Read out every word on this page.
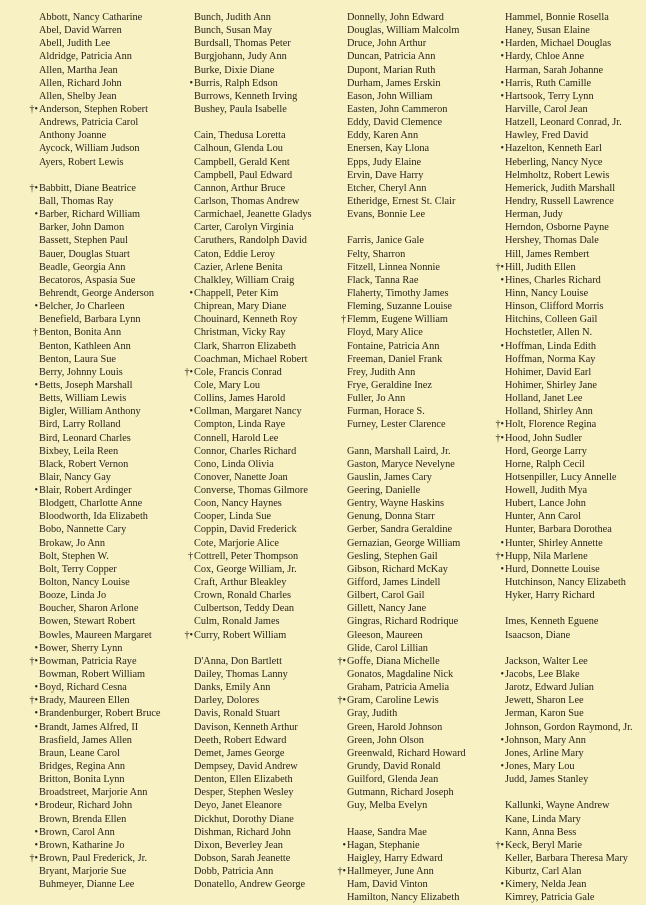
Abbott, Nancy Catharine
Abel, David Warren
Abell, Judith Lee
Aldridge, Patricia Ann
Allen, Martha Jean
Allen, Richard John
Allen, Shelby Jean
†• Anderson, Stephen Robert
Andrews, Patricia Carol
Anthony Joanne
Aycock, William Judson
Ayers, Robert Lewis
†• Babbitt, Diane Beatrice
Ball, Thomas Ray
• Barber, Richard William
Barker, John Damon
Bassett, Stephen Paul
Bauer, Douglas Stuart
Beadle, Georgia Ann
Becatoros, Aspasia Sue
Behrendt, George Anderson
• Belcher, Jo Charleen
Benefield, Barbara Lynn
† Benton, Bonita Ann
Benton, Kathleen Ann
Benton, Laura Sue
Berry, Johnny Louis
• Betts, Joseph Marshall
Betts, William Lewis
Bigler, William Anthony
Bird, Larry Rolland
Bird, Leonard Charles
Bixbey, Leila Reen
Black, Robert Vernon
Blair, Nancy Gay
• Blair, Robert Ardinger
Blodgett, Charlotte Anne
Bloodworth, Ida Elizabeth
Bobo, Nannette Cary
Brokaw, Jo Ann
Bolt, Stephen W.
Bolt, Terry Copper
Bolton, Nancy Louise
Booze, Linda Jo
Boucher, Sharon Arlone
Bowen, Stewart Robert
Bowles, Maureen Margaret
• Bower, Sherry Lynn
†• Bowman, Patricia Raye
Bowman, Robert William
• Boyd, Richard Cesna
†• Brady, Maureen Ellen
• Brandenburger, Robert Bruce
• Brandt, James Alfred, II
Brasfield, James Allen
Braun, Leane Carol
Bridges, Regina Ann
Britton, Bonita Lynn
Broadstreet, Marjorie Ann
• Brodeur, Richard John
Brown, Brenda Ellen
• Brown, Carol Ann
• Brown, Katharine Jo
†• Brown, Paul Frederick, Jr.
Bryant, Marjorie Sue
Buhmeyer, Dianne Lee
Bunch, Judith Ann
Bunch, Susan May
Burdsall, Thomas Peter
Burgjohann, Judy Ann
Burke, Dixie Diane
• Burris, Ralph Edson
Burrows, Kenneth Irving
Bushey, Paula Isabelle
Cain, Thedusa Loretta
Calhoun, Glenda Lou
Campbell, Gerald Kent
Campbell, Paul Edward
Cannon, Arthur Bruce
Carlson, Thomas Andrew
Carmichael, Jeanette Gladys
Carter, Carolyn Virginia
Caruthers, Randolph David
Caton, Eddie Leroy
Cazier, Arlene Benita
Chalkley, William Craig
• Chappell, Peter Kim
Chiprean, Mary Diane
Chouinard, Kenneth Roy
Christman, Vicky Ray
Clark, Sharron Elizabeth
Coachman, Michael Robert
†• Cole, Francis Conrad
Cole, Mary Lou
Collins, James Harold
• Collman, Margaret Nancy
Compton, Linda Raye
Connell, Harold Lee
Connor, Charles Richard
Cono, Linda Olivia
Conover, Nanette Joan
Converse, Thomas Gilmore
Coon, Nancy Haynes
Cooper, Linda Sue
Coppin, David Frederick
Cote, Marjorie Alice
† Cottrell, Peter Thompson
Cox, George William, Jr.
Craft, Arthur Bleakley
Crown, Ronald Charles
Culbertson, Teddy Dean
Culm, Ronald James
†• Curry, Robert William
D'Anna, Don Bartlett
Dailey, Thomas Lanny
Danks, Emily Ann
Darley, Dolores
Davis, Ronald Stuart
Davison, Kenneth Arthur
Deeth, Robert Edward
Demet, James George
Dempsey, David Andrew
Denton, Ellen Elizabeth
Desper, Stephen Wesley
Deyo, Janet Eleanore
Dickhut, Dorothy Diane
Dishman, Richard John
Dixon, Beverley Jean
Dobson, Sarah Jeanette
Dobb, Patricia Ann
Donatello, Andrew George
Donnelly, John Edward
Douglas, William Malcolm
Druce, John Arthur
Duncan, Patricia Ann
Dupont, Marian Ruth
Durham, James Erskin
Eason, John William
Easten, John Cammeron
Eddy, David Clemence
Eddy, Karen Ann
Enersen, Kay Llona
Epps, Judy Elaine
Ervin, Dave Harry
Etcher, Cheryl Ann
Etheridge, Ernest St. Clair
Evans, Bonnie Lee
Farris, Janice Gale
Felty, Sharron
Fitzell, Linnea Nonnie
Flack, Tanna Rae
Flaherty, Timothy James
Fleming, Suzanne Louise
† Flemm, Eugene William
Floyd, Mary Alice
Fontaine, Patricia Ann
Freeman, Daniel Frank
Frey, Judith Ann
Frye, Geraldine Inez
Fuller, Jo Ann
Furman, Horace S.
Furney, Lester Clarence
Gann, Marshall Laird, Jr.
Gaston, Maryce Nevelyne
Gauslin, James Cary
Geering, Danielle
Gentry, Wayne Haskins
Genung, Donna Starr
Gerber, Sandra Geraldine
Gernazian, George William
Gesling, Stephen Gail
Gibson, Richard McKay
Gifford, James Lindell
Gilbert, Carol Gail
Gillett, Nancy Jane
Gingras, Richard Rodrique
Gleeson, Maureen
Glide, Carol Lillian
†• Goffe, Diana Michelle
Gonatos, Magdaline Nick
Graham, Patricia Amelia
†• Gram, Caroline Lewis
Gray, Judith
Green, Harold Johnson
Green, John Olson
Greenwald, Richard Howard
Grundy, David Ronald
Guilford, Glenda Jean
Gutmann, Richard Joseph
Guy, Melba Evelyn
Haase, Sandra Mae
• Hagan, Stephanie
Haigley, Harry Edward
†• Hallmeyer, June Ann
Ham, David Vinton
Hamilton, Nancy Elizabeth
Hammel, Bonnie Rosella
Haney, Susan Elaine
• Harden, Michael Douglas
• Hardy, Chloe Anne
Harman, Sarah Johanne
• Harris, Ruth Camille
• Hartsook, Terry Lynn
Harville, Carol Jean
Hatzell, Leonard Conrad, Jr.
Hawley, Fred David
• Hazelton, Kenneth Earl
Heberling, Nancy Nyce
Helmholtz, Robert Lewis
Hemerick, Judith Marshall
Hendry, Russell Lawrence
Herman, Judy
Herndon, Osborne Payne
Hershey, Thomas Dale
Hill, James Rembert
†• Hill, Judith Ellen
• Hines, Charles Richard
Hinn, Nancy Louise
Hinson, Clifford Morris
Hitchins, Colleen Gail
Hochstetler, Allen N.
• Hoffman, Linda Edith
Hoffman, Norma Kay
Hohimer, David Earl
Hohimer, Shirley Jane
Holland, Janet Lee
Holland, Shirley Ann
†• Holt, Florence Regina
†• Hood, John Sudler
Hord, George Larry
Horne, Ralph Cecil
Hotsenpiller, Lucy Annelle
Howell, Judith Mya
Hubert, Lance John
Hunter, Ann Carol
Hunter, Barbara Dorothea
• Hunter, Shirley Annette
†• Hupp, Nila Marlene
• Hurd, Donnette Louise
Hutchinson, Nancy Elizabeth
Hyker, Harry Richard
Imes, Kenneth Eguene
Isaacson, Diane
Jackson, Walter Lee
• Jacobs, Lee Blake
Jarotz, Edward Julian
Jewett, Sharon Lee
Jerman, Karon Sue
Johnson, Gordon Raymond, Jr.
• Johnson, Mary Ann
Jones, Arline Mary
• Jones, Mary Lou
Judd, James Stanley
Kallunki, Wayne Andrew
Kane, Linda Mary
Kann, Anna Bess
†• Keck, Beryl Marie
Keller, Barbara Theresa Mary
Kiburtz, Carl Alan
• Kimery, Nelda Jean
Kimrey, Patricia Gale
